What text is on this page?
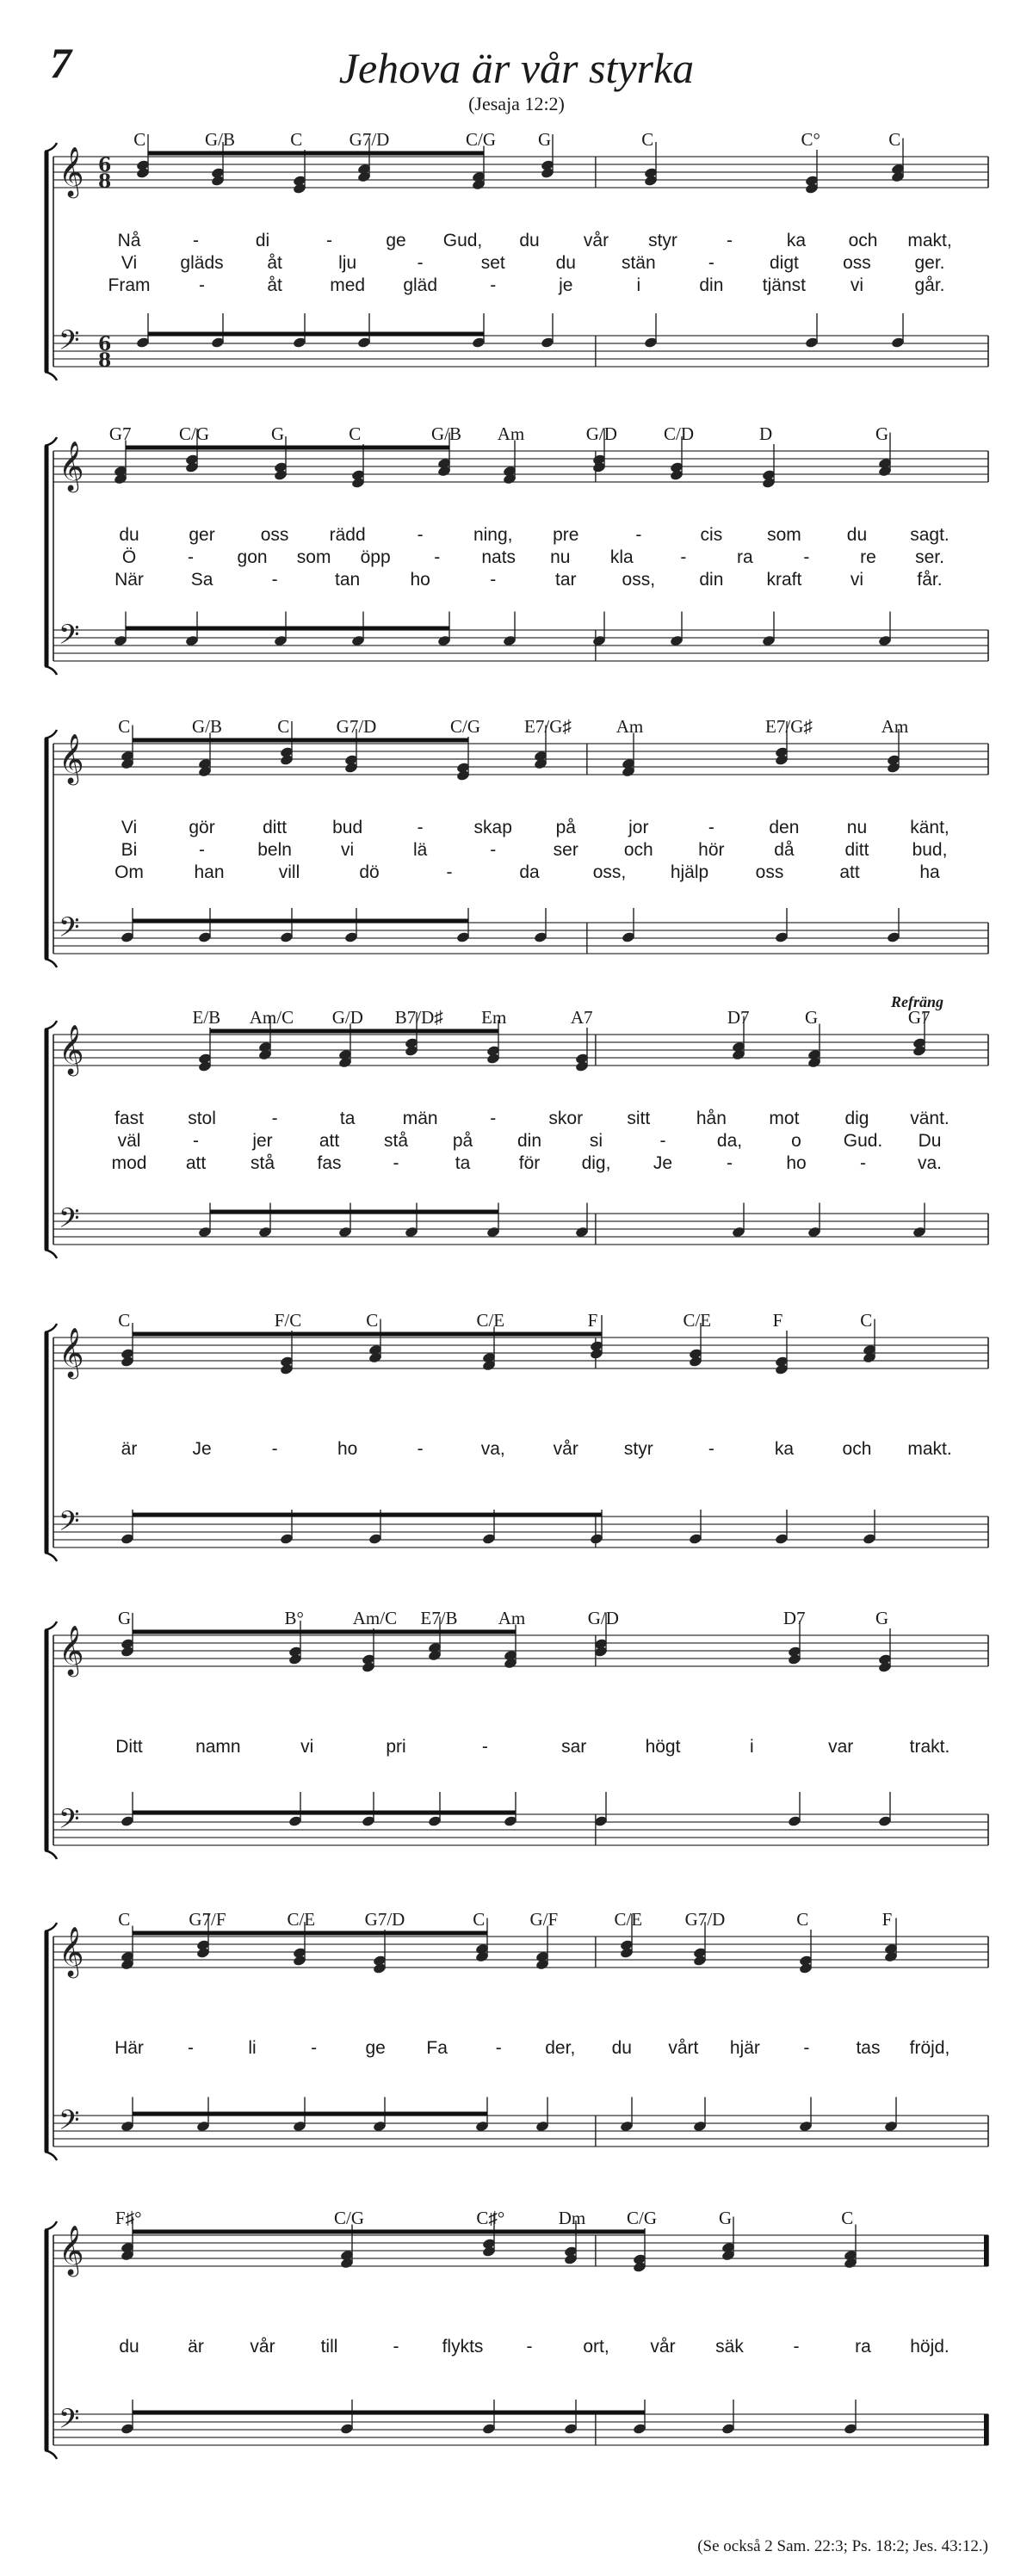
7	Jehova är vår styrka
(Jesaja 12:2)
C	G/B	C	G7/D	C/G G	C	C°	C
𝄞 6
8
𝄢 6
8
Nå	-	di	-	ge Gud, du vår styr	-	ka och makt,
Vi gläds åt	lju	-	set	du	stän	-	digt oss ger.
Fram	-	åt	med gläd	-	je	i	din tjänst vi	går.
G7	C/G	G	C	G/B Am	G/D	C/D	D	G
𝄞
𝄢
du	ger	oss rädd	-	ning, pre	-	cis som	du sagt.
Ö	- gon som öpp - nats nu kla	-	ra	-	re ser.
När	Sa	-	tan	ho	-	tar	oss, din kraft	vi	får.
C	G/B	C	G7/D	C/G E7/G♯ Am	E7/G♯	Am
𝄞
𝄢
Vi	gör	ditt	bud	-	skap på	jor	-	den	nu känt,
Bi	-	beln	vi	lä	-	ser	och hör	då	ditt bud,
Om	han	vill	dö	-	da	oss, hjälp	oss	att	ha
E/B Am/C G/D B7/D♯ Em	A7	D7	G	G7
Refräng
𝄞
𝄢
fast stol	-	ta	män	-	skor sitt	hån mot	dig vänt.
väl	-	jer	att stå på din	si	-	da,	o Gud. Du
mod att stå fas	-	ta	för dig, Je	-	ho	-	va.
C	F/C	C	C/E	F	C/E	F	C
𝄞
𝄢
är	Je	-	ho	-	va,	vår	styr	-	ka	och makt.
G	B°	Am/C E7/B Am	G/D	D7	G
𝄞
𝄢
Ditt	namn	vi	pri	-	sar	högt	i	var	trakt.
C	G7/F	C/E	G7/D	C G/F	C/E G7/D	C	F
𝄞
𝄢
Här -	li	-	ge Fa	- der, du vårt hjär -	tas fröjd,
F♯°	C/G	C♯°	Dm C/G	G	C
𝄞
𝄢
du	är	vår	till	- flykts -	ort, vår säk	-	ra höjd.
(Se också 2 Sam. 22:3; Ps. 18:2; Jes. 43:12.)
